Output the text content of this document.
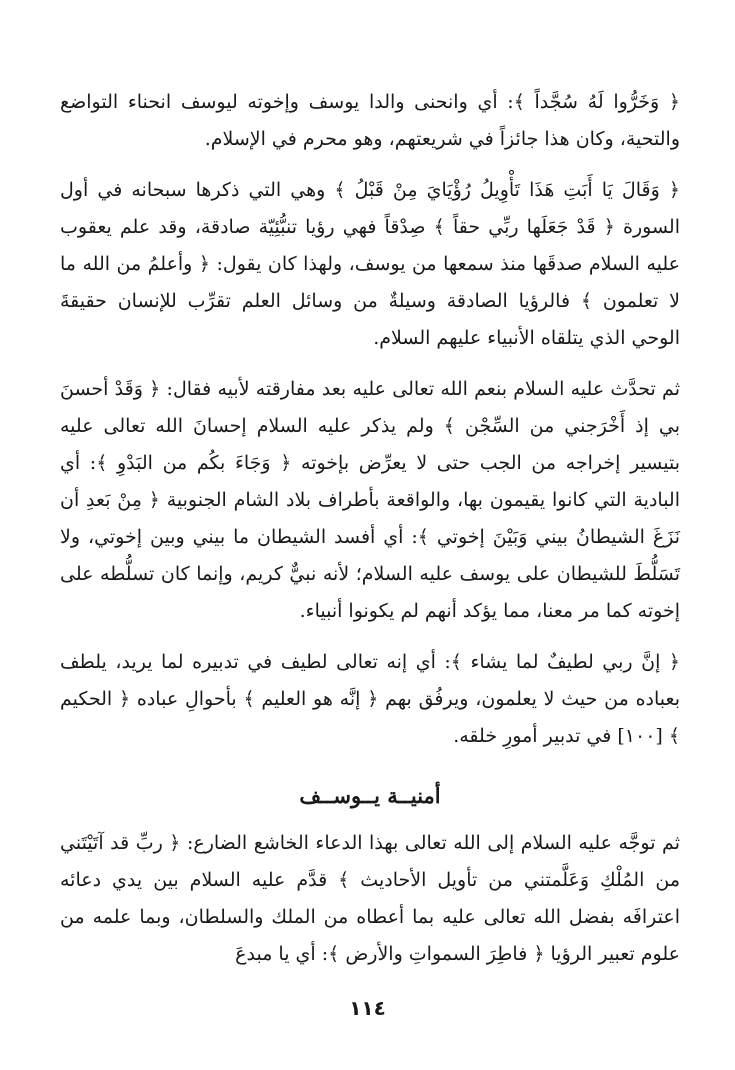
﴿ وَخَرُّوا لَهُ سُجَّداً ﴾: أي وانحنى والدا يوسف وإخوته ليوسف انحناء التواضع والتحية، وكان هذا جائزاً في شريعتهم، وهو محرم في الإسلام.

﴿ وَقَالَ يَا أَبَتِ هَذَا تَأْوِيلُ رُؤْيَايَ مِنْ قَبْلُ ﴾ وهي التي ذكرها سبحانه في أول السورة ﴿ قَدْ جَعَلَها ربِّي حقاً ﴾ صِدْقاً فهي رؤيا تنبُّئِيّة صادقة، وقد علم يعقوب عليه السلام صدقَها منذ سمعها من يوسف، ولهذا كان يقول: ﴿ وأعلمُ من الله ما لا تعلمون ﴾ فالرؤيا الصادقة وسيلةٌ من وسائل العلم تقرِّب للإنسان حقيقةَ الوحي الذي يتلقاه الأنبياء عليهم السلام.

ثم تحدَّث عليه السلام بنعم الله تعالى عليه بعد مفارقته لأبيه فقال: ﴿ وَقَدْ أحسنَ بي إذ أَخْرَجني من السِّجْن ﴾ ولم يذكر عليه السلام إحسانَ الله تعالى عليه بتيسير إخراجه من الجب حتى لا يعرِّض بإخوته ﴿ وَجَاءَ بكُم من البَدْوِ ﴾: أي البادية التي كانوا يقيمون بها، والواقعة بأطراف بلاد الشام الجنوبية ﴿ مِنْ بَعدِ أن نَزَغَ الشيطانُ بيني وَبَيْنَ إخوتي ﴾: أي أفسد الشيطان ما بيني وبين إخوتي، ولا تَسَلُّطَ للشيطان على يوسف عليه السلام؛ لأنه نبيٌّ كريم، وإنما كان تسلُّطه على إخوته كما مر معنا، مما يؤكد أنهم لم يكونوا أنبياء.

﴿ إنَّ ربي لطيفٌ لما يشاء ﴾: أي إنه تعالى لطيف في تدبيره لما يريد، يلطف بعباده من حيث لا يعلمون، ويرفُق بهم ﴿ إنَّه هو العليم ﴾ بأحوالِ عباده ﴿ الحكيم ﴾ [١٠٠] في تدبير أمورِ خلقه.

أمنيــة يــوســف

ثم توجَّه عليه السلام إلى الله تعالى بهذا الدعاء الخاشع الضارع: ﴿ ربِّ قد آتَيْتَني من المُلْكِ وَعَلَّمتني من تأويل الأحاديث ﴾ قدَّم عليه السلام بين يدي دعائه اعترافَه بفضل الله تعالى عليه بما أعطاه من الملك والسلطان، وبما علمه من علوم تعبير الرؤيا ﴿ فاطِرَ السمواتِ والأرض ﴾: أي يا مبدعَ

١١٤
